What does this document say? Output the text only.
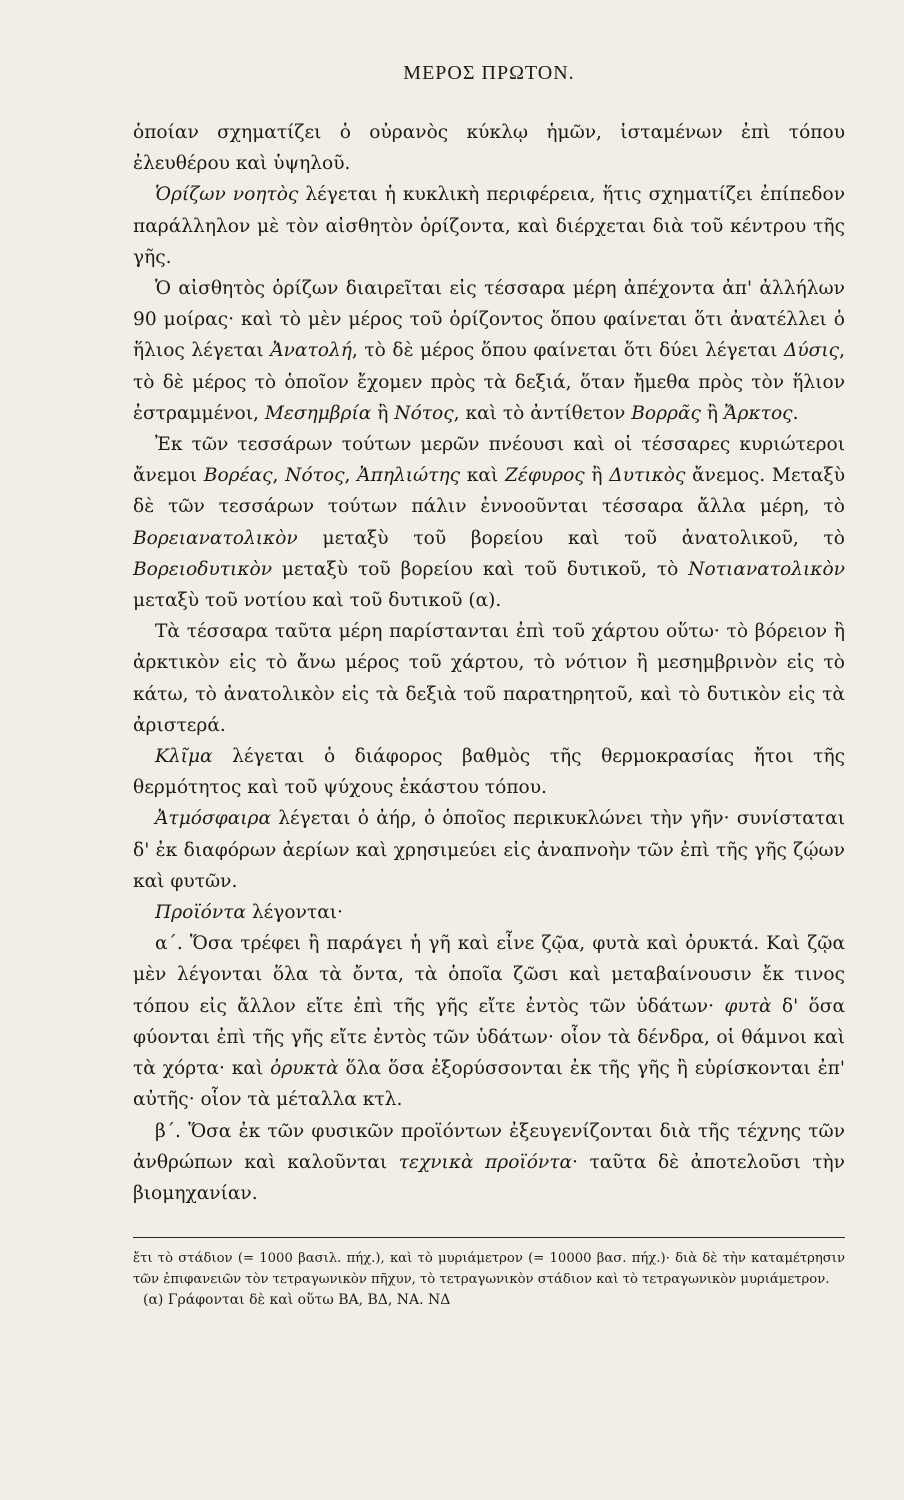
ΜΕΡΟΣ ΠΡΩΤΟΝ.

ὁποίαν σχηματίζει ὁ οὐρανὸς κύκλῳ ἡμῶν, ἱσταμένων ἐπὶ τόπου ἐλευθέρου καὶ ὑψηλοῦ.

Ὁρίζων νοητὸς λέγεται ἡ κυκλικὴ περιφέρεια, ἥτις σχηματίζει ἐπίπεδον παράλληλον μὲ τὸν αἰσθητὸν ὁρίζοντα, καὶ διέρχεται διὰ τοῦ κέντρου τῆς γῆς.

Ὁ αἰσθητὸς ὁρίζων διαιρεῖται εἰς τέσσαρα μέρη ἀπέχοντα ἀπ' ἀλλήλων 90 μοίρας· καὶ τὸ μὲν μέρος τοῦ ὁρίζοντος ὅπου φαίνεται ὅτι ἀνατέλλει ὁ ἥλιος λέγεται Ἀνατολή, τὸ δὲ μέρος ὅπου φαίνεται ὅτι δύει λέγεται Δύσις, τὸ δὲ μέρος τὸ ὁποῖον ἔχομεν πρὸς τὰ δεξιά, ὅταν ἤμεθα πρὸς τὸν ἥλιον ἐστραμμένοι, Μεσημβρία ἢ Νότος, καὶ τὸ ἀντίθετον Βορρᾶς ἢ Ἄρκτος.

Ἐκ τῶν τεσσάρων τούτων μερῶν πνέουσι καὶ οἱ τέσσαρες κυριώτεροι ἄνεμοι Βορέας, Νότος, Ἀπηλιώτης καὶ Ζέφυρος ἢ Δυτικὸς ἄνεμος. Μεταξὺ δὲ τῶν τεσσάρων τούτων πάλιν ἐννοοῦνται τέσσαρα ἄλλα μέρη, τὸ Βορειανατολικὸν μεταξὺ τοῦ βορείου καὶ τοῦ ἀνατολικοῦ, τὸ Βορειοδυτικὸν μεταξὺ τοῦ βορείου καὶ τοῦ δυτικοῦ, τὸ Νοτιανατολικὸν μεταξὺ τοῦ νοτίου καὶ τοῦ δυτικοῦ (α).

Τὰ τέσσαρα ταῦτα μέρη παρίστανται ἐπὶ τοῦ χάρτου οὕτω· τὸ βόρειον ἢ ἀρκτικὸν εἰς τὸ ἄνω μέρος τοῦ χάρτου, τὸ νότιον ἢ μεσημβρινὸν εἰς τὸ κάτω, τὸ ἀνατολικὸν εἰς τὰ δεξιὰ τοῦ παρατηρητοῦ, καὶ τὸ δυτικὸν εἰς τὰ ἀριστερά.

Κλῖμα λέγεται ὁ διάφορος βαθμὸς τῆς θερμοκρασίας ἤτοι τῆς θερμότητος καὶ τοῦ ψύχους ἑκάστου τόπου.

Ἀτμόσφαιρα λέγεται ὁ ἀήρ, ὁ ὁποῖος περικυκλώνει τὴν γῆν· συνίσταται δ' ἐκ διαφόρων ἀερίων καὶ χρησιμεύει εἰς ἀναπνοὴν τῶν ἐπὶ τῆς γῆς ζῴων καὶ φυτῶν.

Προϊόντα λέγονται·

α΄. Ὅσα τρέφει ἢ παράγει ἡ γῆ καὶ εἶνε ζῷα, φυτὰ καὶ ὀρυκτά. Καὶ ζῷα μὲν λέγονται ὅλα τὰ ὄντα, τὰ ὁποῖα ζῶσι καὶ μεταβαίνουσιν ἔκ τινος τόπου εἰς ἄλλον εἴτε ἐπὶ τῆς γῆς εἴτε ἐντὸς τῶν ὑδάτων· φυτὰ δ' ὅσα φύονται ἐπὶ τῆς γῆς εἴτε ἐντὸς τῶν ὑδάτων· οἷον τὰ δένδρα, οἱ θάμνοι καὶ τὰ χόρτα· καὶ ὀρυκτὰ ὅλα ὅσα ἐξορύσσονται ἐκ τῆς γῆς ἢ εὑρίσκονται ἐπ' αὐτῆς· οἷον τὰ μέταλλα κτλ.

β΄. Ὅσα ἐκ τῶν φυσικῶν προϊόντων ἐξευγενίζονται διὰ τῆς τέχνης τῶν ἀνθρώπων καὶ καλοῦνται τεχνικὰ προϊόντα· ταῦτα δὲ ἀποτελοῦσι τὴν βιομηχανίαν.

ἔτι τὸ στάδιον (= 1000 βασιλ. πήχ.), καὶ τὸ μυριάμετρον (= 10000 βασ. πήχ.)· διὰ δὲ τὴν καταμέτρησιν τῶν ἐπιφανειῶν τὸν τετραγωνικὸν πῆχυν, τὸ τετραγωνικὸν στάδιον καὶ τὸ τετραγωνικὸν μυριάμετρον.

(α) Γράφονται δὲ καὶ οὕτω ΒΑ, ΒΔ, ΝΑ. ΝΔ
